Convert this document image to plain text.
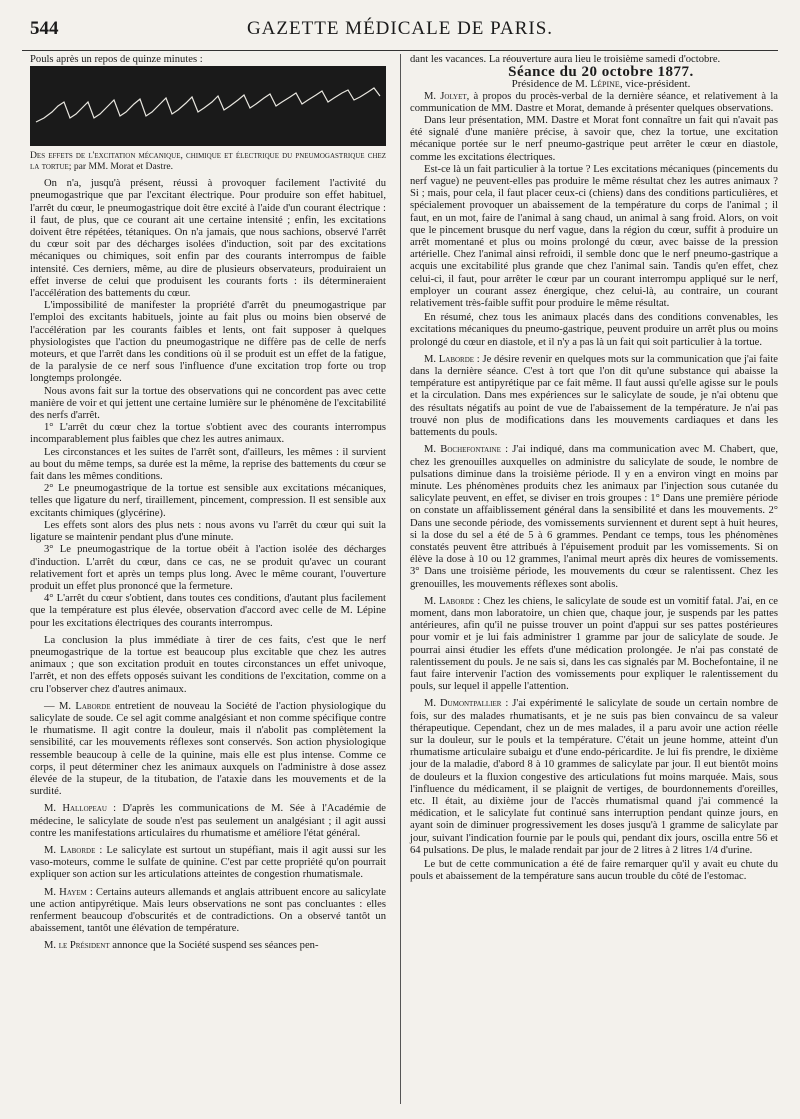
544	GAZETTE MÉDICALE DE PARIS.

Pouls après un repos de quinze minutes :

Des effets de l'excitation mécanique, chimique et électrique du pneumogastrique chez la tortue; par MM. Morat et Dastre.

On n'a, jusqu'à présent, réussi à provoquer facilement l'activité du pneumogastrique que par l'excitant électrique. Pour produire son effet habituel, l'arrêt du cœur, le pneumogastrique doit être excité à l'aide d'un courant électrique : il faut, de plus, que ce courant ait une certaine intensité ; enfin, les excitations doivent être répétées, tétaniques. On n'a jamais, que nous sachions, observé l'arrêt du cœur soit par des décharges isolées d'induction, soit par des excitations mécaniques ou chimiques, soit enfin par des courants interrompus de faible intensité. Ces derniers, même, au dire de plusieurs observateurs, produiraient un effet inverse de celui que produisent les courants forts : ils détermineraient l'accélération des battements du cœur.

L'impossibilité de manifester la propriété d'arrêt du pneumogastrique par l'emploi des excitants habituels, jointe au fait plus ou moins bien observé de l'accélération par les courants faibles et lents, ont fait supposer à quelques physiologistes que l'action du pneumogastrique ne diffère pas de celle de nerfs moteurs, et que l'arrêt dans les conditions où il se produit est un effet de la fatigue, de la paralysie de ce nerf sous l'influence d'une excitation trop forte ou trop longtemps prolongée.

Nous avons fait sur la tortue des observations qui ne concordent pas avec cette manière de voir et qui jettent une certaine lumière sur le phénomène de l'excitabilité des nerfs d'arrêt.

1° L'arrêt du cœur chez la tortue s'obtient avec des courants interrompus incomparablement plus faibles que chez les autres animaux.

Les circonstances et les suites de l'arrêt sont, d'ailleurs, les mêmes : il survient au bout du même temps, sa durée est la même, la reprise des battements du cœur se fait dans les mêmes conditions.

2° Le pneumogastrique de la tortue est sensible aux excitations mécaniques, telles que ligature du nerf, tiraillement, pincement, compression. Il est sensible aux excitants chimiques (glycérine).

Les effets sont alors des plus nets : nous avons vu l'arrêt du cœur qui suit la ligature se maintenir pendant plus d'une minute.

3° Le pneumogastrique de la tortue obéit à l'action isolée des décharges d'induction. L'arrêt du cœur, dans ce cas, ne se produit qu'avec un courant relativement fort et après un temps plus long. Avec le même courant, l'ouverture produit un effet plus prononcé que la fermeture.

4° L'arrêt du cœur s'obtient, dans toutes ces conditions, d'autant plus facilement que la température est plus élevée, observation d'accord avec celle de M. Lépine pour les excitations électriques des courants interrompus.

La conclusion la plus immédiate à tirer de ces faits, c'est que le nerf pneumogastrique de la tortue est beaucoup plus excitable que chez les autres animaux ; que son excitation produit en toutes circonstances un effet univoque, l'arrêt, et non des effets opposés suivant les conditions de l'excitation, comme on a cru l'observer chez d'autres animaux.

— M. Laborde entretient de nouveau la Société de l'action physiologique du salicylate de soude. Ce sel agit comme analgésiant et non comme spécifique contre le rhumatisme. Il agit contre la douleur, mais il n'abolit pas complètement la sensibilité, car les mouvements réflexes sont conservés. Son action physiologique ressemble beaucoup à celle de la quinine, mais elle est plus intense. Comme ce corps, il peut déterminer chez les animaux auxquels on l'administre à dose assez élevée de la stupeur, de la titubation, de l'ataxie dans les mouvements et de la surdité.

M. Hallopeau : D'après les communications de M. Sée à l'Académie de médecine, le salicylate de soude n'est pas seulement un analgésiant ; il agit aussi contre les manifestations articulaires du rhumatisme et améliore l'état général.

M. Laborde : Le salicylate est surtout un stupéfiant, mais il agit aussi sur les vaso-moteurs, comme le sulfate de quinine. C'est par cette propriété qu'on pourrait expliquer son action sur les articulations atteintes de congestion rhumatismale.

M. Hayem : Certains auteurs allemands et anglais attribuent encore au salicylate une action antipyrétique. Mais leurs observations ne sont pas concluantes : elles renferment beaucoup d'obscurités et de contradictions. On a observé tantôt un abaissement, tantôt une élévation de température.

M. le Président annonce que la Société suspend ses séances pen-

dant les vacances. La réouverture aura lieu le troisième samedi d'octobre.

Séance du 20 octobre 1877.

Présidence de M. Lépine, vice-président.

M. Jolyet, à propos du procès-verbal de la dernière séance, et relativement à la communication de MM. Dastre et Morat, demande à présenter quelques observations.

Dans leur présentation, MM. Dastre et Morat font connaître un fait qui n'avait pas été signalé d'une manière précise, à savoir que, chez la tortue, une excitation mécanique portée sur le nerf pneumo-gastrique peut arrêter le cœur en diastole, comme les excitations électriques.

Est-ce là un fait particulier à la tortue ? Les excitations mécaniques (pincements du nerf vague) ne peuvent-elles pas produire le même résultat chez les autres animaux ? Si ; mais, pour cela, il faut placer ceux-ci (chiens) dans des conditions particulières, et spécialement provoquer un abaissement de la température du corps de l'animal ; il faut, en un mot, faire de l'animal à sang chaud, un animal à sang froid. Alors, on voit que le pincement brusque du nerf vague, dans la région du cœur, suffit à produire un arrêt momentané et plus ou moins prolongé du cœur, avec baisse de la pression artérielle. Chez l'animal ainsi refroidi, il semble donc que le nerf pneumo-gastrique a acquis une excitabilité plus grande que chez l'animal sain. Tandis qu'en effet, chez celui-ci, il faut, pour arrêter le cœur par un courant interrompu appliqué sur le nerf, employer un courant assez énergique, chez celui-là, au contraire, un courant relativement très-faible suffit pour produire le même résultat.

En résumé, chez tous les animaux placés dans des conditions convenables, les excitations mécaniques du pneumo-gastrique, peuvent produire un arrêt plus ou moins prolongé du cœur en diastole, et il n'y a pas là un fait qui soit particulier à la tortue.

M. Laborde : Je désire revenir en quelques mots sur la communication que j'ai faite dans la dernière séance. C'est à tort que l'on dit qu'une substance qui abaisse la température est antipyrétique par ce fait même. Il faut aussi qu'elle agisse sur le pouls et la circulation. Dans mes expériences sur le salicylate de soude, je n'ai obtenu que des résultats négatifs au point de vue de l'abaissement de la température. Je n'ai pas trouvé non plus de modifications dans les mouvements cardiaques et dans les battements du pouls.

M. Bochefontaine : J'ai indiqué, dans ma communication avec M. Chabert, que, chez les grenouilles auxquelles on administre du salicylate de soude, le nombre de pulsations diminue dans la troisième période. Il y en a environ vingt en moins par minute. Les phénomènes produits chez les animaux par l'injection sous cutanée du salicylate peuvent, en effet, se diviser en trois groupes : 1° Dans une première période on constate un affaiblissement général dans la sensibilité et dans les mouvements. 2° Dans une seconde période, des vomissements surviennent et durent sept à huit heures, si la dose du sel a été de 5 à 6 grammes. Pendant ce temps, tous les phénomènes constatés peuvent être attribués à l'épuisement produit par les vomissements. Si on élève la dose à 10 ou 12 grammes, l'animal meurt après dix heures de vomissements. 3° Dans une troisième période, les mouvements du cœur se ralentissent. Chez les grenouilles, les mouvements réflexes sont abolis.

M. Laborde : Chez les chiens, le salicylate de soude est un vomitif fatal. J'ai, en ce moment, dans mon laboratoire, un chien que, chaque jour, je suspends par les pattes antérieures, afin qu'il ne puisse trouver un point d'appui sur ses pattes postérieures pour vomir et je lui fais administrer 1 gramme par jour de salicylate de soude. Je pourrai ainsi étudier les effets d'une médication prolongée. Je n'ai pas constaté de ralentissement du pouls. Je ne sais si, dans les cas signalés par M. Bochefontaine, il ne faut faire intervenir l'action des vomissements pour expliquer le ralentissement du pouls, sur lequel il appelle l'attention.

M. Dumontpallier : J'ai expérimenté le salicylate de soude un certain nombre de fois, sur des malades rhumatisants, et je ne suis pas bien convaincu de sa valeur thérapeutique. Cependant, chez un de mes malades, il a paru avoir une action réelle sur la douleur, sur le pouls et la température. C'était un jeune homme, atteint d'un rhumatisme articulaire subaigu et d'une endo-péricardite. Je lui fis prendre, le dixième jour de la maladie, d'abord 8 à 10 grammes de salicylate par jour. Il eut bientôt moins de douleurs et la fluxion congestive des articulations fut moins marquée. Mais, sous l'influence du médicament, il se plaignit de vertiges, de bourdonnements d'oreilles, etc. Il était, au dixième jour de l'accès rhumatismal quand j'ai commencé la médication, et le salicylate fut continué sans interruption pendant quinze jours, en ayant soin de diminuer progressivement les doses jusqu'à 1 gramme de salicylate par jour, suivant l'indication fournie par le pouls qui, pendant dix jours, oscilla entre 56 et 64 pulsations. De plus, le malade rendait par jour de 2 litres à 2 litres 1/4 d'urine.

Le but de cette communication a été de faire remarquer qu'il y avait eu chute du pouls et abaissement de la température sans aucun trouble du côté de l'estomac.
